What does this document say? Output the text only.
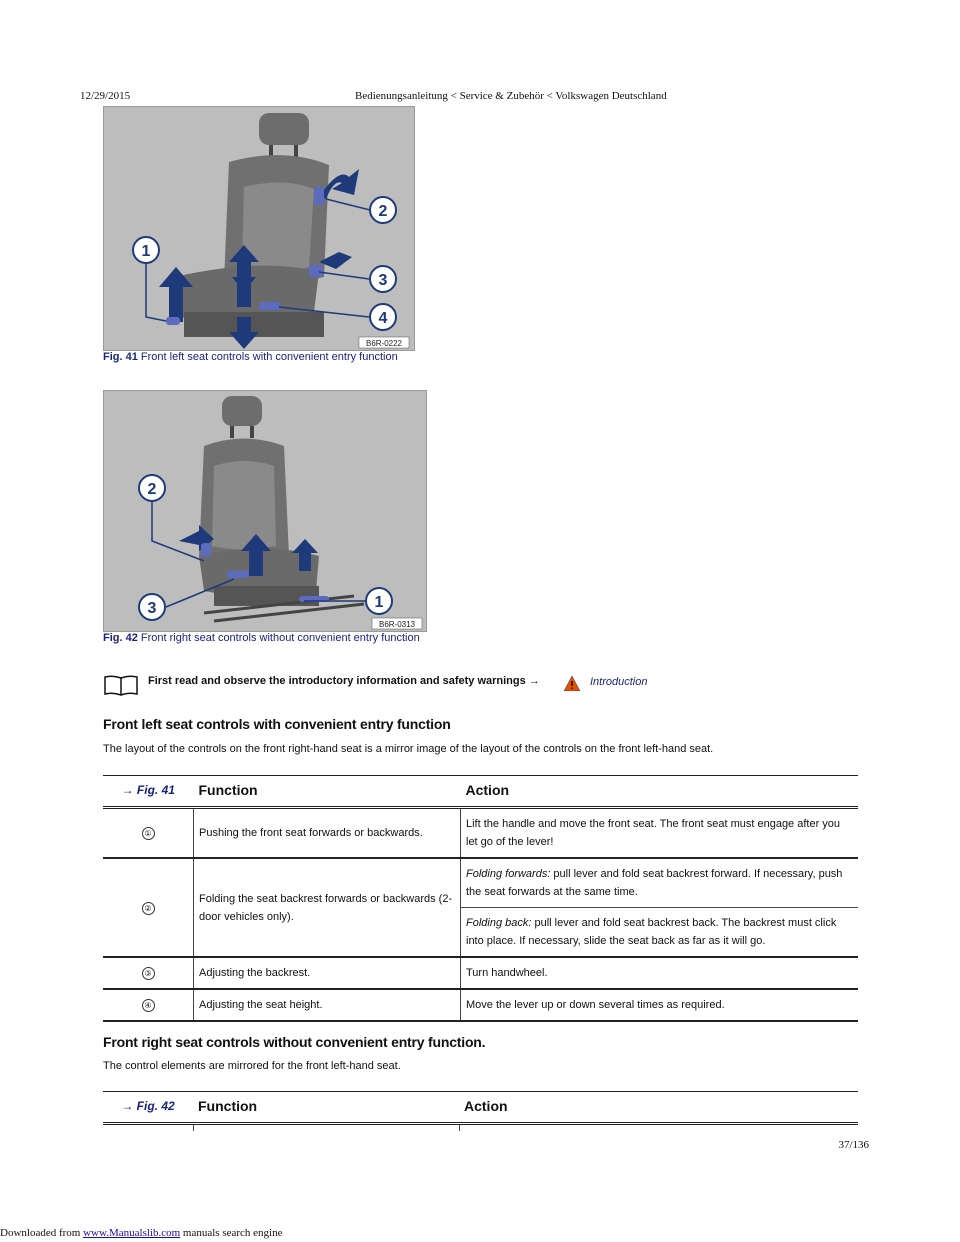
12/29/2015	Bedienungsanleitung < Service & Zubehör < Volkswagen Deutschland
1
2
3
4
B6R-0222
Fig. 41 Front left seat controls with convenient entry function
2
3	1
B6R-0313
Fig. 42 Front right seat controls without convenient entry function
First read and observe the introductory information and safety warnings →	Introduction
Front left seat controls with convenient entry function
The layout of the controls on the front right-hand seat is a mirror image of the layout of the controls on the front left-hand seat.
→ Fig. 41	Function	Action
①	Pushing the front seat forwards or backwards.	Lift the handle and move the front seat. The front seat must engage after you let go of the lever!
②	Folding the seat backrest forwards or backwards (2-door vehicles only).	Folding forwards: pull lever and fold seat backrest forward. If necessary, push the seat forwards at the same time.
		Folding back: pull lever and fold seat backrest back. The backrest must click into place. If necessary, slide the seat back as far as it will go.
③	Adjusting the backrest.	Turn handwheel.
④	Adjusting the seat height.	Move the lever up or down several times as required.
Front right seat controls without convenient entry function.
The control elements are mirrored for the front left-hand seat.
→ Fig. 42	Function	Action

37/136
Downloaded from www.Manualslib.com manuals search engine
